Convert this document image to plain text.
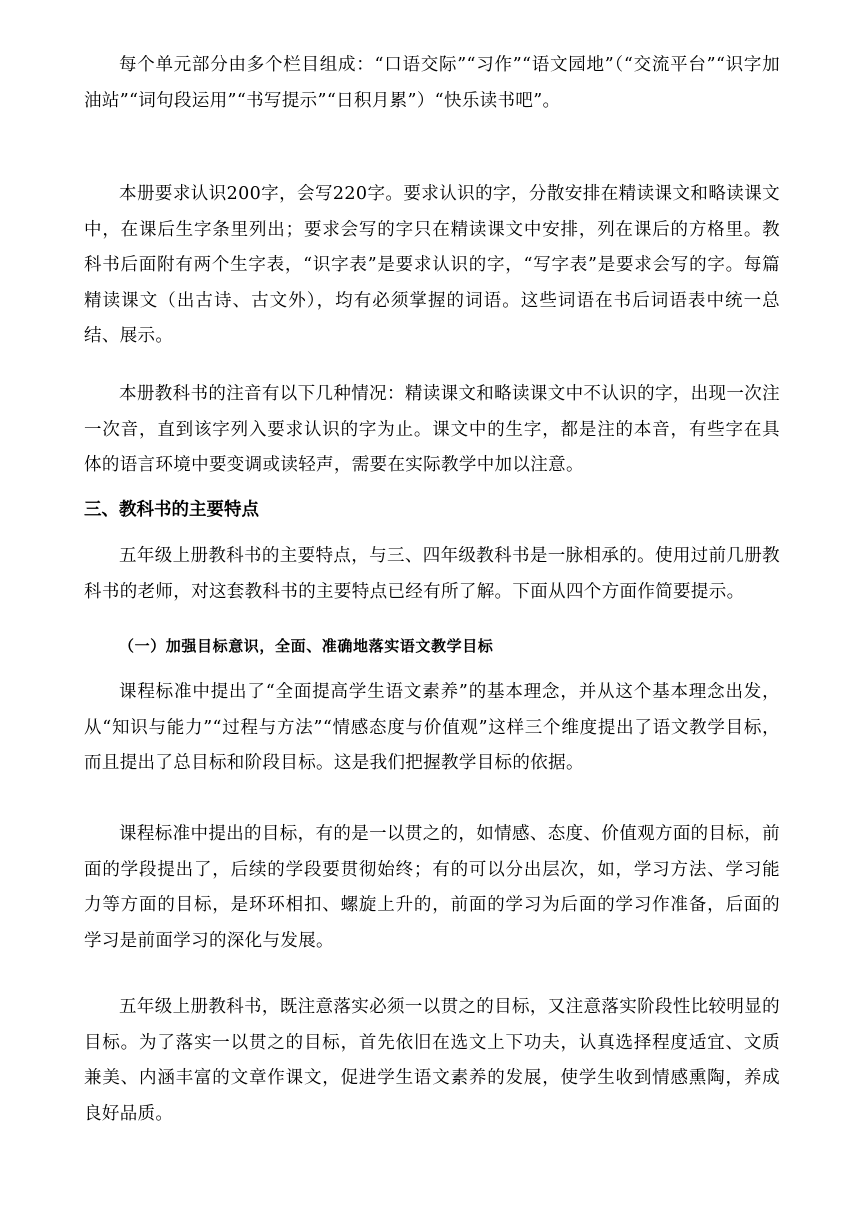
每个单元部分由多个栏目组成：“口语交际”“习作”“语文园地”（“交流平台”“识字加油站”“词句段运用”“书写提示”“日积月累”）“快乐读书吧”。

本册要求认识200字，会写220字。要求认识的字，分散安排在精读课文和略读课文中，在课后生字条里列出；要求会写的字只在精读课文中安排，列在课后的方格里。教科书后面附有两个生字表，“识字表”是要求认识的字，“写字表”是要求会写的字。每篇精读课文（出古诗、古文外），均有必须掌握的词语。这些词语在书后词语表中统一总结、展示。

本册教科书的注音有以下几种情况：精读课文和略读课文中不认识的字，出现一次注一次音，直到该字列入要求认识的字为止。课文中的生字，都是注的本音，有些字在具体的语言环境中要变调或读轻声，需要在实际教学中加以注意。

三、教科书的主要特点

五年级上册教科书的主要特点，与三、四年级教科书是一脉相承的。使用过前几册教科书的老师，对这套教科书的主要特点已经有所了解。下面从四个方面作简要提示。

（一）加强目标意识，全面、准确地落实语文教学目标

课程标准中提出了“全面提高学生语文素养”的基本理念，并从这个基本理念出发，从“知识与能力”“过程与方法”“情感态度与价值观”这样三个维度提出了语文教学目标，而且提出了总目标和阶段目标。这是我们把握教学目标的依据。

课程标准中提出的目标，有的是一以贯之的，如情感、态度、价值观方面的目标，前面的学段提出了，后续的学段要贯彻始终；有的可以分出层次，如，学习方法、学习能力等方面的目标，是环环相扣、螺旋上升的，前面的学习为后面的学习作准备，后面的学习是前面学习的深化与发展。

五年级上册教科书，既注意落实必须一以贯之的目标，又注意落实阶段性比较明显的目标。为了落实一以贯之的目标，首先依旧在选文上下功夫，认真选择程度适宜、文质兼美、内涵丰富的文章作课文，促进学生语文素养的发展，使学生收到情感熏陶，养成良好品质。
